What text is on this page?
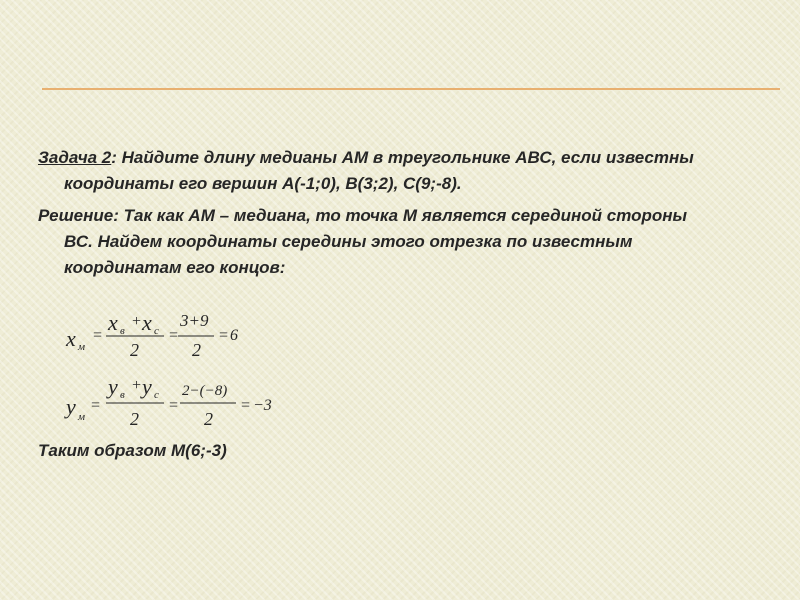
Задача 2: Найдите длину медианы АМ в треугольнике АВС, если известны
координаты его вершин А(-1;0), В(3;2), С(9;-8).
Решение: Так как АМ – медиана, то точка М является серединой стороны
ВС. Найдем координаты середины этого отрезка по известным
координатам его концов:
x м
=
x в
+ x с
2
=
3+9
2
= 6
y м
=
y в
+ y с
2
=
2−(−8)
2
= −3
Таким образом М(6;-3)
